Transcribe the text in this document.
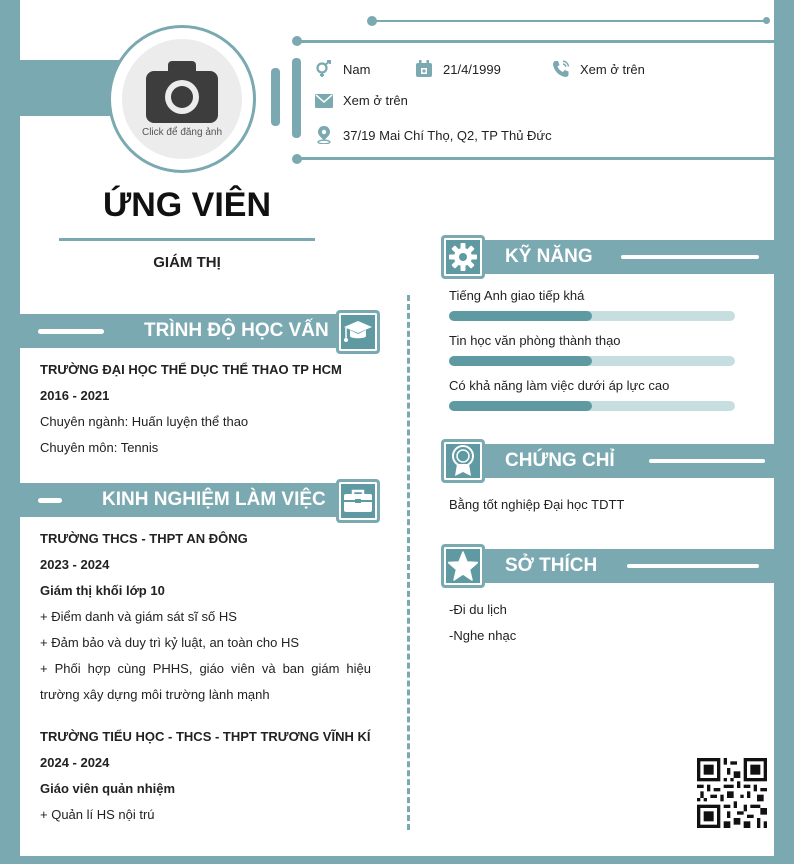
Click để đăng ảnh
Nam	21/4/1999	Xem ở trên
Xem ở trên
37/19 Mai Chí Thọ, Q2, TP Thủ Đức
ỨNG VIÊN
GIÁM THỊ
TRÌNH ĐỘ HỌC VẤN
TRƯỜNG ĐẠI HỌC THỂ DỤC THỂ THAO TP HCM
2016 - 2021
Chuyên ngành: Huấn luyện thể thao
Chuyên môn: Tennis
KINH NGHIỆM LÀM VIỆC
TRƯỜNG THCS - THPT AN ĐÔNG
2023 - 2024
Giám thị khối lớp 10
+ Điểm danh và giám sát sĩ số HS
+ Đảm bảo và duy trì kỷ luật, an toàn cho HS
+ Phối hợp cùng PHHS, giáo viên và ban giám hiệu trường xây dựng môi trường lành mạnh
TRƯỜNG TIỂU HỌC - THCS - THPT TRƯƠNG VĨNH KÍ
2024 - 2024
Giáo viên quản nhiệm
+ Quản lí HS nội trú
KỸ NĂNG
Tiếng Anh giao tiếp khá
Tin học văn phòng thành thạo
Có khả năng làm việc dưới áp lực cao
CHỨNG CHỈ
Bằng tốt nghiệp Đại học TDTT
SỞ THÍCH
-Đi du lịch
-Nghe nhạc
